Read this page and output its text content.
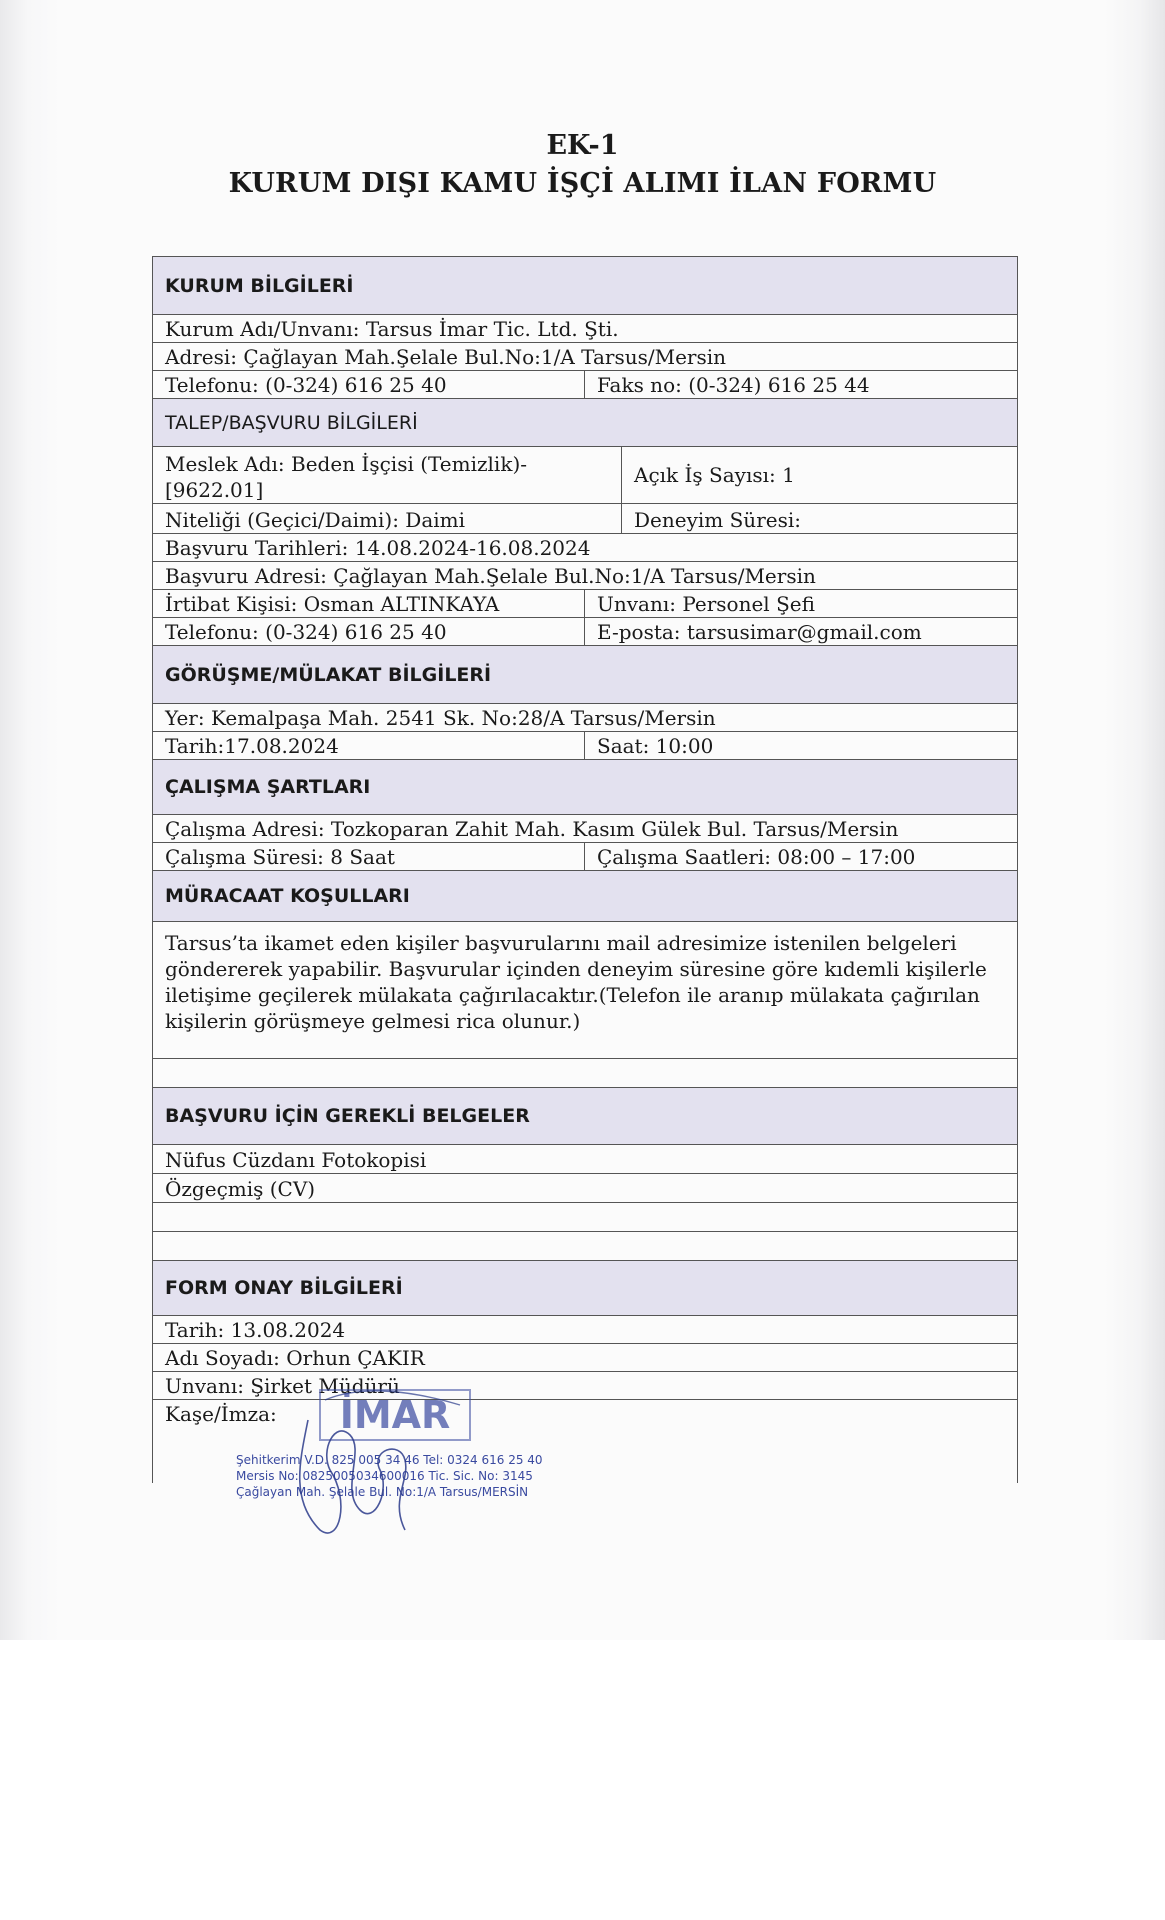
EK-1
KURUM DIŞI KAMU İŞÇİ ALIMI İLAN FORMU
KURUM BİLGİLERİ
Kurum Adı/Unvanı: Tarsus İmar Tic. Ltd. Şti.
Adresi: Çağlayan Mah.Şelale Bul.No:1/A Tarsus/Mersin
Telefonu: (0-324) 616 25 40	Faks no: (0-324) 616 25 44
TALEP/BAŞVURU BİLGİLERİ
Meslek Adı: Beden İşçisi (Temizlik)-
[9622.01]
Açık İş Sayısı: 1
Niteliği (Geçici/Daimi): Daimi	Deneyim Süresi:
Başvuru Tarihleri: 14.08.2024-16.08.2024
Başvuru Adresi: Çağlayan Mah.Şelale Bul.No:1/A Tarsus/Mersin
İrtibat Kişisi: Osman ALTINKAYA	Unvanı: Personel Şefi
Telefonu: (0-324) 616 25 40	E-posta: tarsusimar@gmail.com
GÖRÜŞME/MÜLAKAT BİLGİLERİ
Yer: Kemalpaşa Mah. 2541 Sk. No:28/A Tarsus/Mersin
Tarih:17.08.2024	Saat: 10:00
ÇALIŞMA ŞARTLARI
Çalışma Adresi: Tozkoparan Zahit Mah. Kasım Gülek Bul. Tarsus/Mersin
Çalışma Süresi: 8 Saat	Çalışma Saatleri: 08:00 – 17:00
MÜRACAAT KOŞULLARI
Tarsus’ta ikamet eden kişiler başvurularını mail adresimize istenilen belgeleri göndererek yapabilir. Başvurular içinden deneyim süresine göre kıdemli kişilerle iletişime geçilerek mülakata çağırılacaktır.(Telefon ile aranıp mülakata çağırılan kişilerin görüşmeye gelmesi rica olunur.)
BAŞVURU İÇİN GEREKLİ BELGELER
Nüfus Cüzdanı Fotokopisi
Özgeçmiş (CV)
FORM ONAY BİLGİLERİ
Tarih: 13.08.2024
Adı Soyadı: Orhun ÇAKIR
Unvanı: Şirket Müdürü
Kaşe/İmza:	İMAR
Şehitkerim V.D. 825 005 34 46 Tel: 0324 616 25 40
Mersis No: 0825005034600016 Tic. Sic. No: 3145
Çağlayan Mah. Şelale Bul. No:1/A Tarsus/MERSİN
